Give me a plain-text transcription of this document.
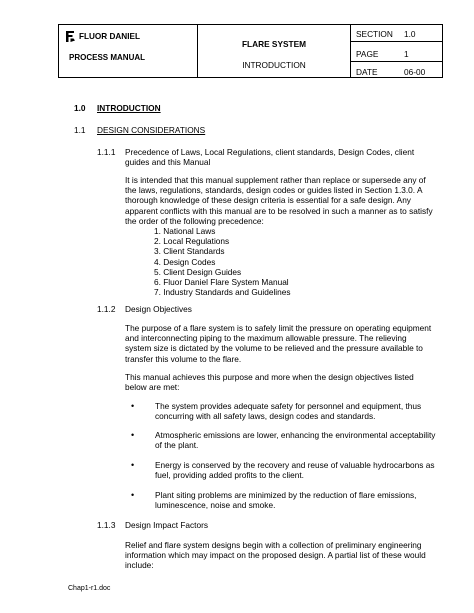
FLUOR DANIEL
PROCESS MANUAL

FLARE SYSTEM
INTRODUCTION

SECTION 1.0
PAGE	1
DATE	06-00
1.0 INTRODUCTION
1.1 DESIGN CONSIDERATIONS
1.1.1 Precedence of Laws, Local Regulations, client standards, Design Codes, client
guides and this Manual
It is intended that this manual supplement rather than replace or supersede any of
the laws, regulations, standards, design codes or guides listed in Section 1.3.0. A
thorough knowledge of these design criteria is essential for a safe design. Any
apparent conflicts with this manual are to be resolved in such a manner as to satisfy
the order of the following precedence:
1. National Laws
2. Local Regulations
3. Client Standards
4. Design Codes
5. Client Design Guides
6. Fluor Daniel Flare System Manual
7. Industry Standards and Guidelines
1.1.2 Design Objectives
The purpose of a flare system is to safely limit the pressure on operating equipment
and interconnecting piping to the maximum allowable pressure. The relieving
system size is dictated by the volume to be relieved and the pressure available to
transfer this volume to the flare.
This manual achieves this purpose and more when the design objectives listed
below are met:
•	The system provides adequate safety for personnel and equipment, thus
concurring with all safety laws, design codes and standards.
•	Atmospheric emissions are lower, enhancing the environmental acceptability
of the plant.
•	Energy is conserved by the recovery and reuse of valuable hydrocarbons as
fuel, providing added profits to the client.
•	Plant siting problems are minimized by the reduction of flare emissions,
luminescence, noise and smoke.
1.1.3 Design Impact Factors
Relief and flare system designs begin with a collection of preliminary engineering
information which may impact on the proposed design. A partial list of these would
include:
Chap1-r1.doc
